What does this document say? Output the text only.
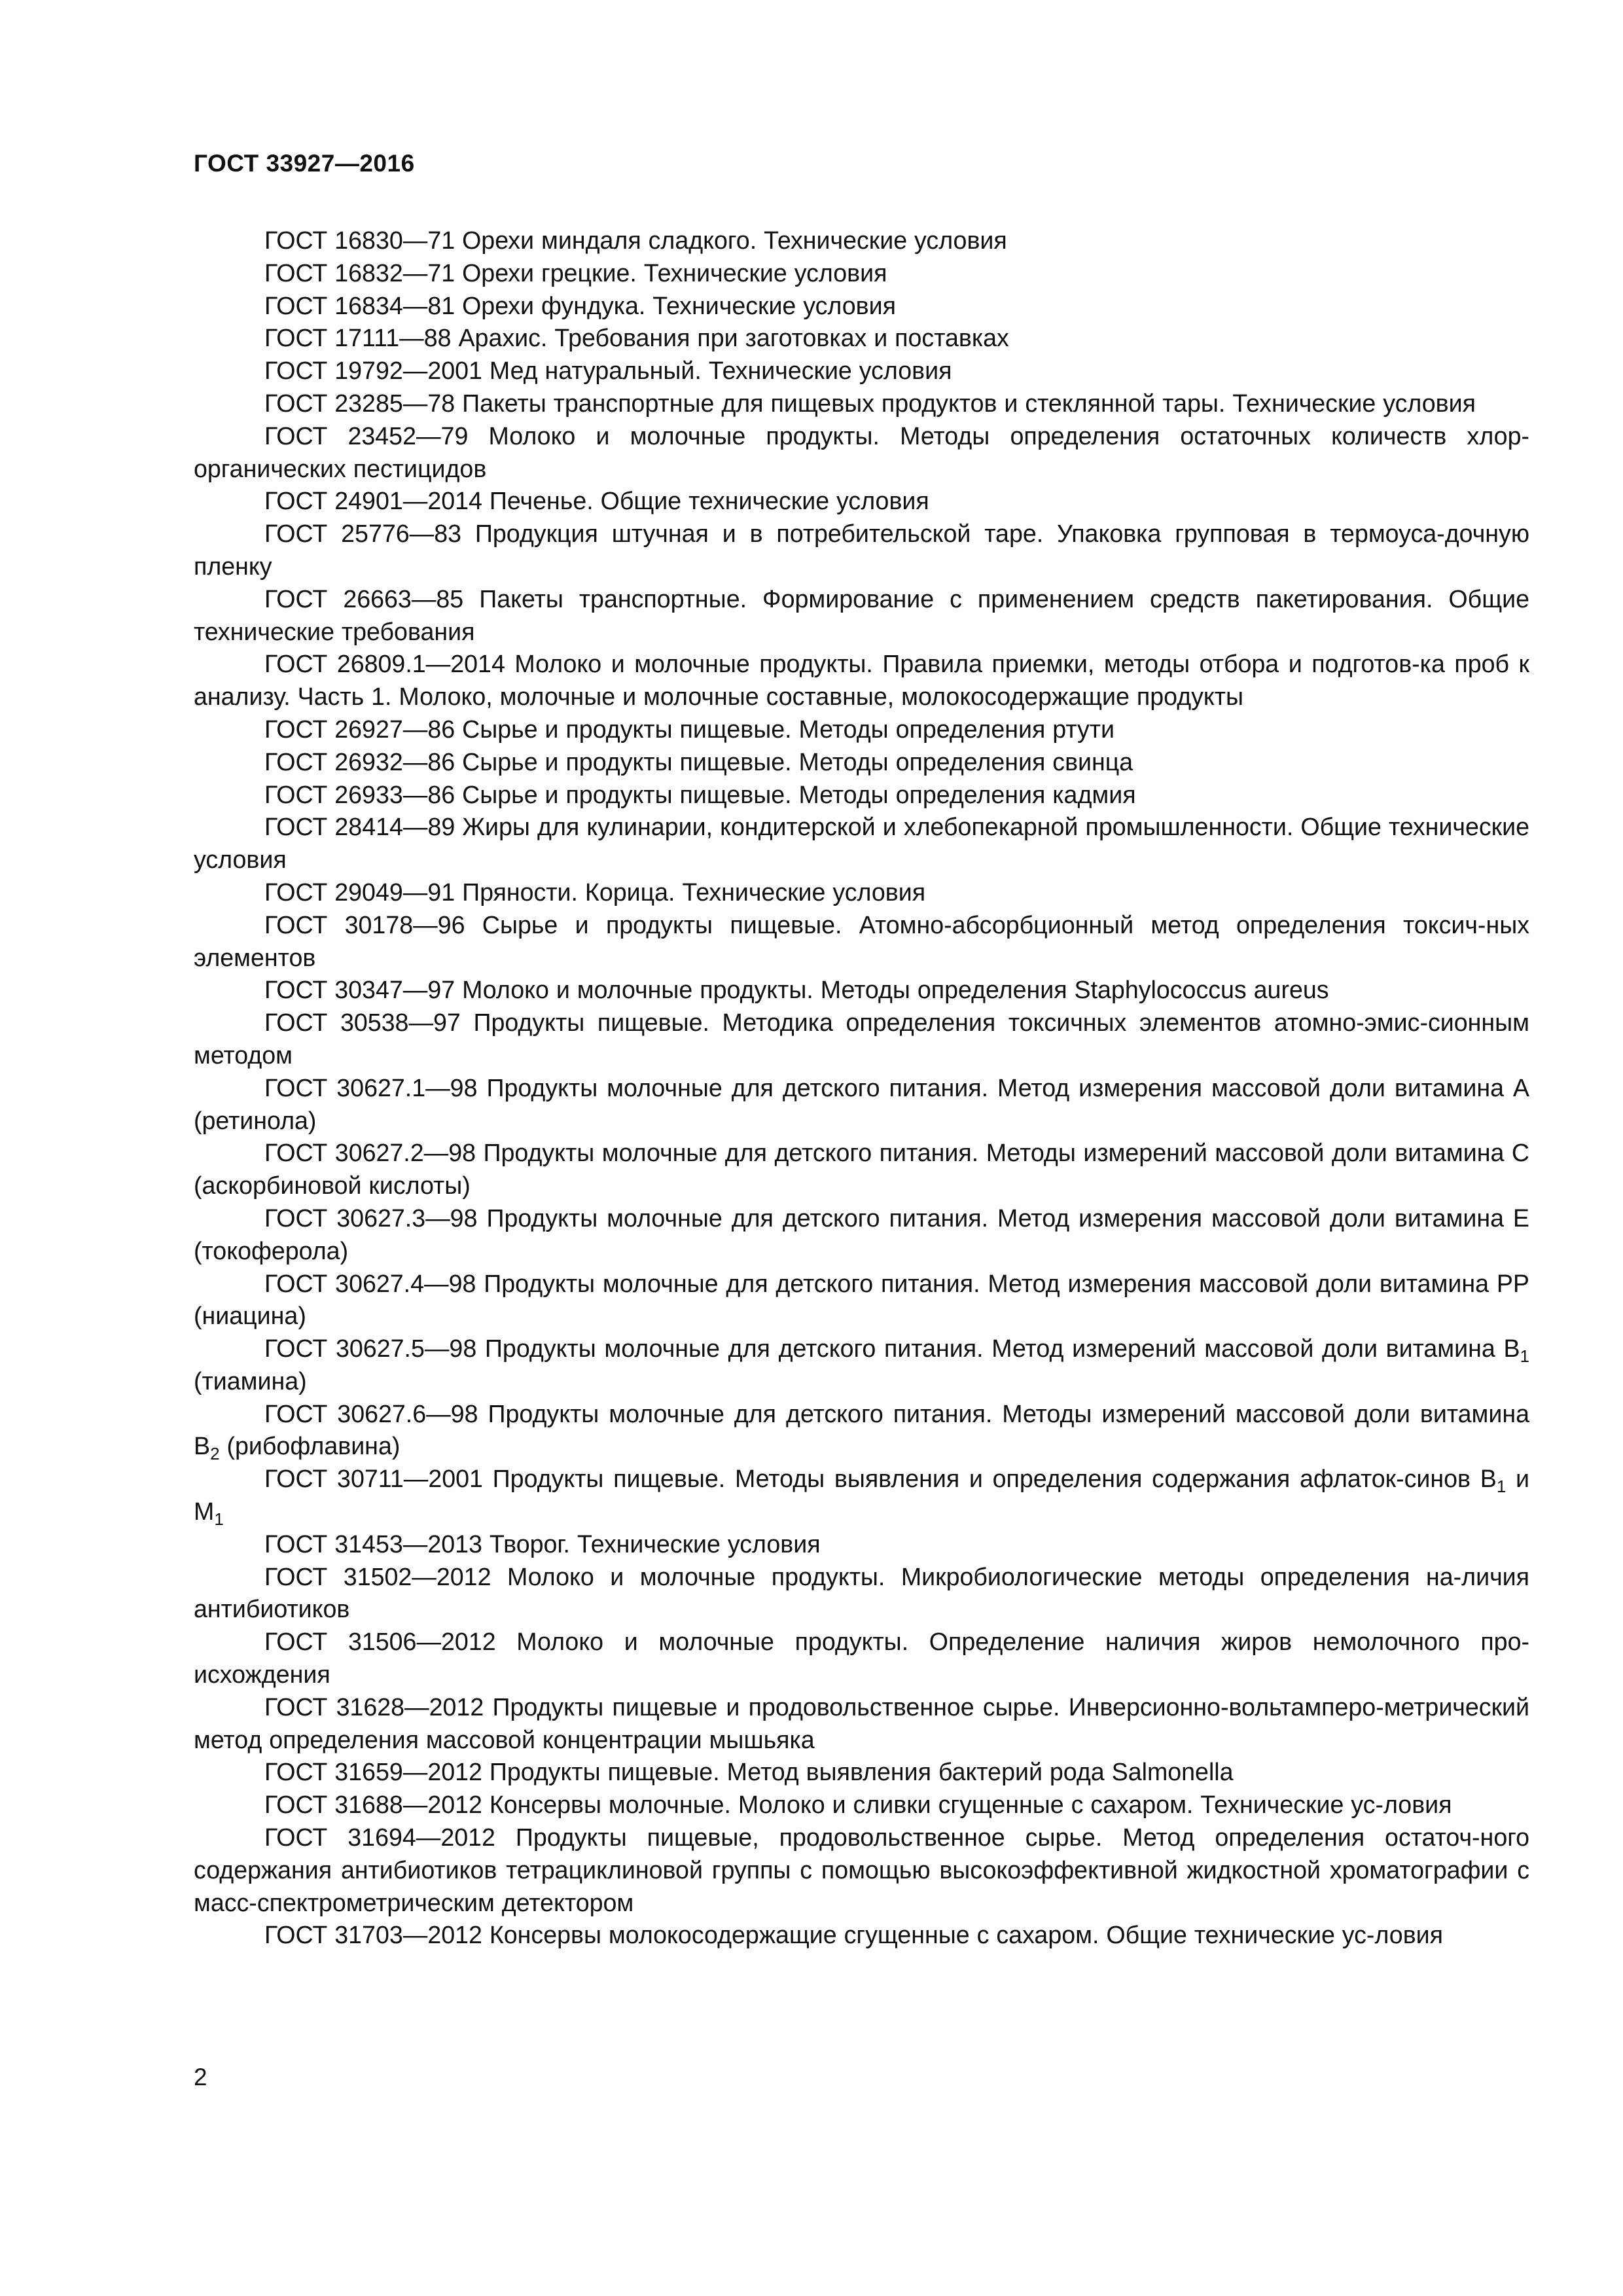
ГОСТ 33927—2016

ГОСТ 16830—71 Орехи миндаля сладкого. Технические условия

ГОСТ 16832—71 Орехи грецкие. Технические условия

ГОСТ 16834—81 Орехи фундука. Технические условия

ГОСТ 17111—88 Арахис. Требования при заготовках и поставках

ГОСТ 19792—2001 Мед натуральный. Технические условия

ГОСТ 23285—78 Пакеты транспортные для пищевых продуктов и стеклянной тары. Технические условия

ГОСТ 23452—79 Молоко и молочные продукты. Методы определения остаточных количеств хлор-органических пестицидов

ГОСТ 24901—2014 Печенье. Общие технические условия

ГОСТ 25776—83 Продукция штучная и в потребительской таре. Упаковка групповая в термоуса-дочную пленку

ГОСТ 26663—85 Пакеты транспортные. Формирование с применением средств пакетирования. Общие технические требования

ГОСТ 26809.1—2014 Молоко и молочные продукты. Правила приемки, методы отбора и подготов-ка проб к анализу. Часть 1. Молоко, молочные и молочные составные, молокосодержащие продукты

ГОСТ 26927—86 Сырье и продукты пищевые. Методы определения ртути

ГОСТ 26932—86 Сырье и продукты пищевые. Методы определения свинца

ГОСТ 26933—86 Сырье и продукты пищевые. Методы определения кадмия

ГОСТ 28414—89 Жиры для кулинарии, кондитерской и хлебопекарной промышленности. Общие технические условия

ГОСТ 29049—91 Пряности. Корица. Технические условия

ГОСТ 30178—96 Сырье и продукты пищевые. Атомно-абсорбционный метод определения токсич-ных элементов

ГОСТ 30347—97 Молоко и молочные продукты. Методы определения Staphylococcus aureus

ГОСТ 30538—97 Продукты пищевые. Методика определения токсичных элементов атомно-эмис-сионным методом

ГОСТ 30627.1—98 Продукты молочные для детского питания. Метод измерения массовой доли витамина А (ретинола)

ГОСТ 30627.2—98 Продукты молочные для детского питания. Методы измерений массовой доли витамина С (аскорбиновой кислоты)

ГОСТ 30627.3—98 Продукты молочные для детского питания. Метод измерения массовой доли витамина Е (токоферола)

ГОСТ 30627.4—98 Продукты молочные для детского питания. Метод измерения массовой доли витамина РР (ниацина)

ГОСТ 30627.5—98 Продукты молочные для детского питания. Метод измерений массовой доли витамина $В_1$ (тиамина)

ГОСТ 30627.6—98 Продукты молочные для детского питания. Методы измерений массовой доли витамина $В_2$ (рибофлавина)

ГОСТ 30711—2001 Продукты пищевые. Методы выявления и определения содержания афлаток-синов $В_1$ и $М_1$

ГОСТ 31453—2013 Творог. Технические условия

ГОСТ 31502—2012 Молоко и молочные продукты. Микробиологические методы определения на-личия антибиотиков

ГОСТ 31506—2012 Молоко и молочные продукты. Определение наличия жиров немолочного про-исхождения

ГОСТ 31628—2012 Продукты пищевые и продовольственное сырье. Инверсионно-вольтамперо-метрический метод определения массовой концентрации мышьяка

ГОСТ 31659—2012 Продукты пищевые. Метод выявления бактерий рода Salmonella

ГОСТ 31688—2012 Консервы молочные. Молоко и сливки сгущенные с сахаром. Технические ус-ловия

ГОСТ 31694—2012 Продукты пищевые, продовольственное сырье. Метод определения остаточ-ного содержания антибиотиков тетрациклиновой группы с помощью высокоэффективной жидкостной хроматографии с масс-спектрометрическим детектором

ГОСТ 31703—2012 Консервы молокосодержащие сгущенные с сахаром. Общие технические ус-ловия

2
